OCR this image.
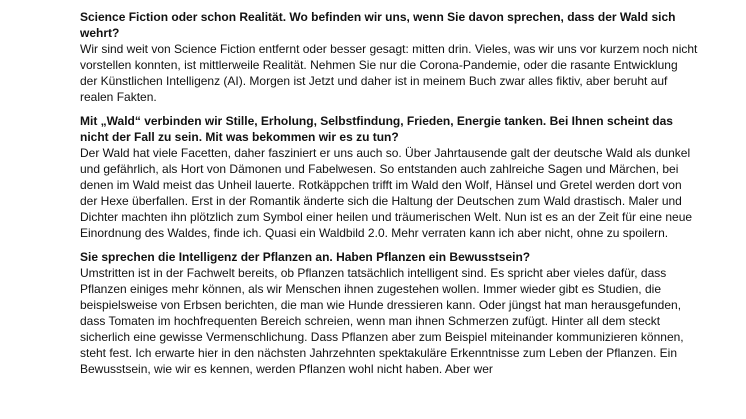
Science Fiction oder schon Realität. Wo befinden wir uns, wenn Sie davon sprechen, dass der Wald sich wehrt?

Wir sind weit von Science Fiction entfernt oder besser gesagt: mitten drin. Vieles, was wir uns vor kurzem noch nicht vorstellen konnten, ist mittlerweile Realität. Nehmen Sie nur die Corona-Pandemie, oder die rasante Entwicklung der Künstlichen Intelligenz (AI). Morgen ist Jetzt und daher ist in meinem Buch zwar alles fiktiv, aber beruht auf realen Fakten.

Mit „Wald“ verbinden wir Stille, Erholung, Selbstfindung, Frieden, Energie tanken. Bei Ihnen scheint das nicht der Fall zu sein. Mit was bekommen wir es zu tun?

Der Wald hat viele Facetten, daher fasziniert er uns auch so. Über Jahrtausende galt der deutsche Wald als dunkel und gefährlich, als Hort von Dämonen und Fabelwesen. So entstanden auch zahlreiche Sagen und Märchen, bei denen im Wald meist das Unheil lauerte. Rotkäppchen trifft im Wald den Wolf, Hänsel und Gretel werden dort von der Hexe überfallen. Erst in der Romantik änderte sich die Haltung der Deutschen zum Wald drastisch. Maler und Dichter machten ihn plötzlich zum Symbol einer heilen und träumerischen Welt. Nun ist es an der Zeit für eine neue Einordnung des Waldes, finde ich. Quasi ein Waldbild 2.0. Mehr verraten kann ich aber nicht, ohne zu spoilern.

Sie sprechen die Intelligenz der Pflanzen an. Haben Pflanzen ein Bewusstsein?

Umstritten ist in der Fachwelt bereits, ob Pflanzen tatsächlich intelligent sind. Es spricht aber vieles dafür, dass Pflanzen einiges mehr können, als wir Menschen ihnen zugestehen wollen. Immer wieder gibt es Studien, die beispielsweise von Erbsen berichten, die man wie Hunde dressieren kann. Oder jüngst hat man herausgefunden, dass Tomaten im hochfrequenten Bereich schreien, wenn man ihnen Schmerzen zufügt. Hinter all dem steckt sicherlich eine gewisse Vermenschlichung. Dass Pflanzen aber zum Beispiel miteinander kommunizieren können, steht fest. Ich erwarte hier in den nächsten Jahrzehnten spektakuläre Erkenntnisse zum Leben der Pflanzen. Ein Bewusstsein, wie wir es kennen, werden Pflanzen wohl nicht haben. Aber wer
